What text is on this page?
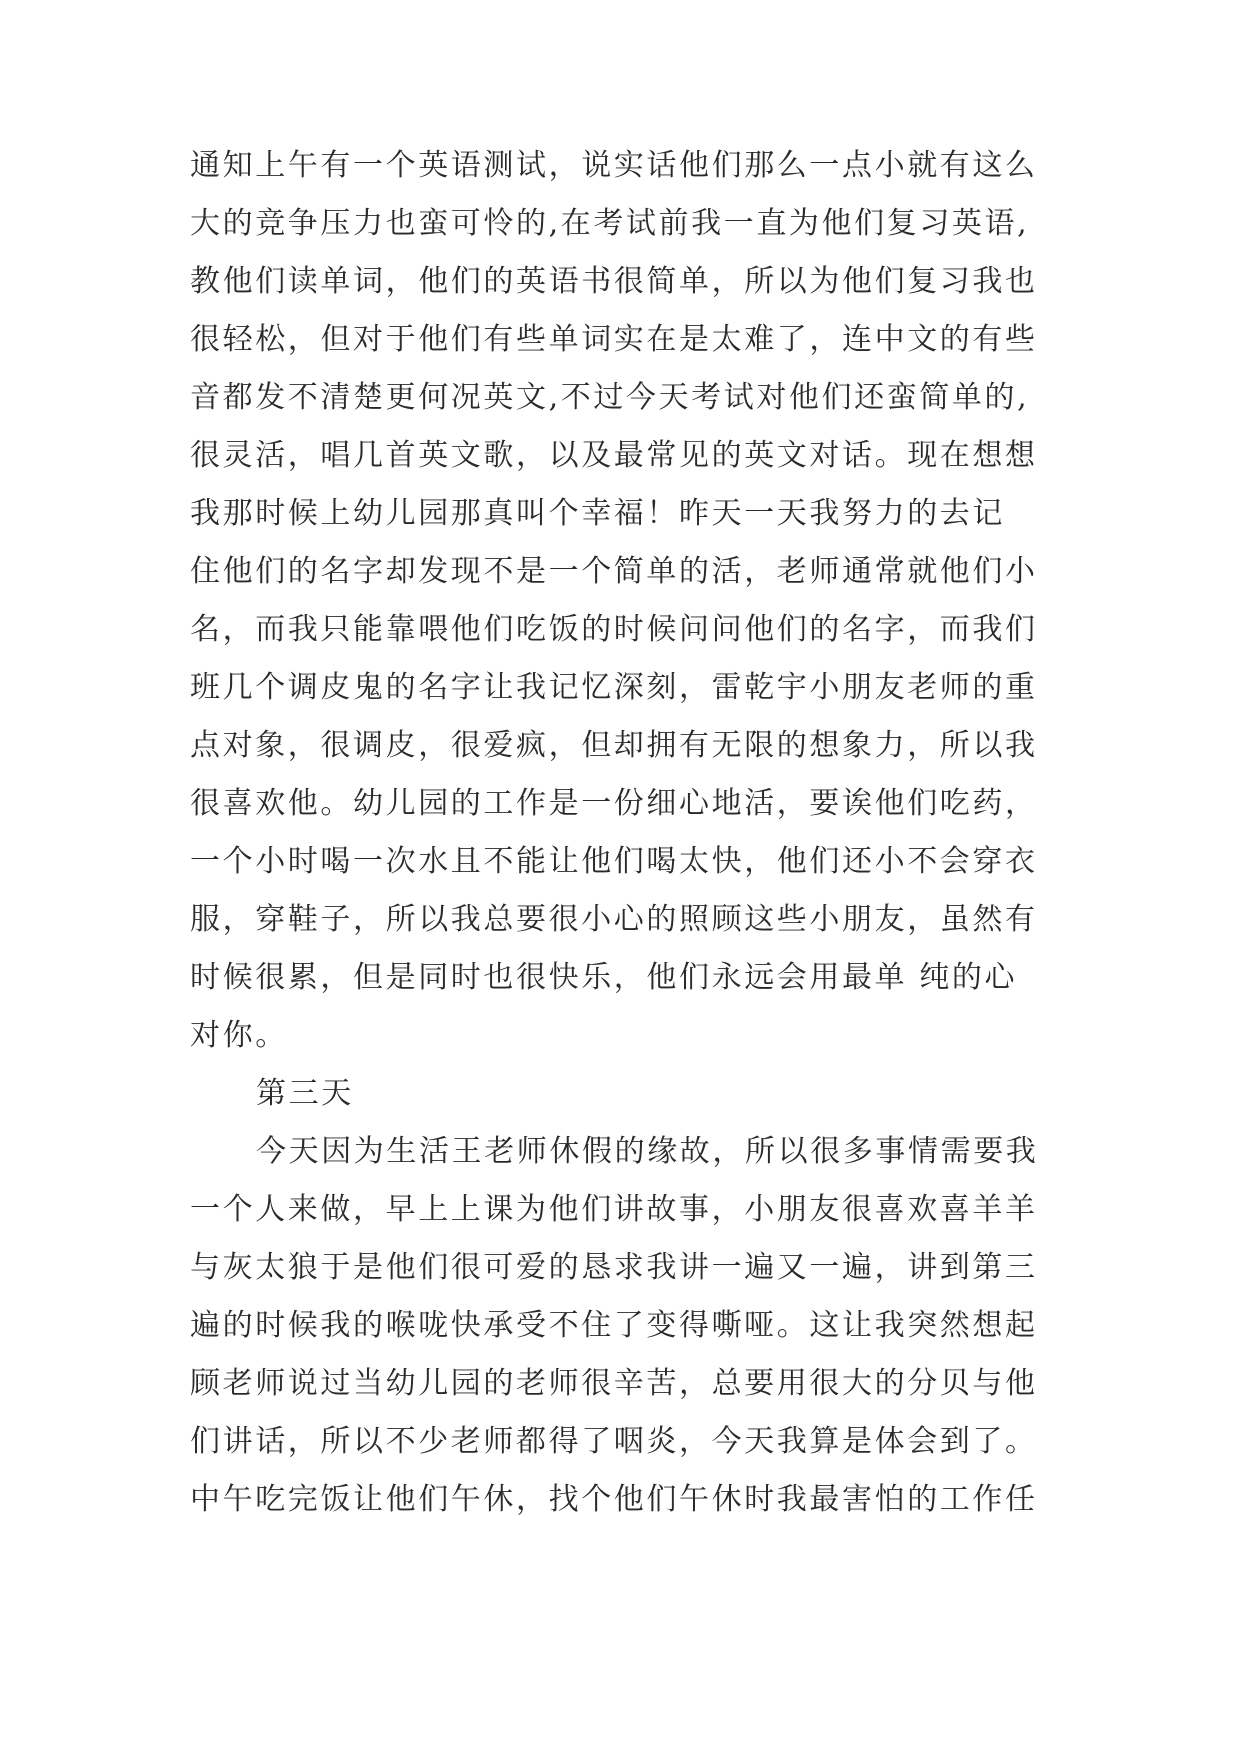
通知上午有一个英语测试，说实话他们那么一点小就有这么
大的竞争压力也蛮可怜的,在考试前我一直为他们复习英语,
教他们读单词，他们的英语书很简单，所以为他们复习我也
很轻松，但对于他们有些单词实在是太难了，连中文的有些
音都发不清楚更何况英文,不过今天考试对他们还蛮简单的,
很灵活，唱几首英文歌，以及最常见的英文对话。现在想想
我那时候上幼儿园那真叫个幸福！昨天一天我努力的去记
住他们的名字却发现不是一个简单的活，老师通常就他们小
名，而我只能靠喂他们吃饭的时候问问他们的名字，而我们
班几个调皮鬼的名字让我记忆深刻，雷乾宇小朋友老师的重
点对象，很调皮，很爱疯，但却拥有无限的想象力，所以我
很喜欢他。幼儿园的工作是一份细心地活，要诶他们吃药，
一个小时喝一次水且不能让他们喝太快，他们还小不会穿衣
服，穿鞋子，所以我总要很小心的照顾这些小朋友，虽然有
时候很累，但是同时也很快乐，他们永远会用最单 纯的心
对你。
第三天
今天因为生活王老师休假的缘故，所以很多事情需要我
一个人来做，早上上课为他们讲故事，小朋友很喜欢喜羊羊
与灰太狼于是他们很可爱的恳求我讲一遍又一遍，讲到第三
遍的时候我的喉咙快承受不住了变得嘶哑。这让我突然想起
顾老师说过当幼儿园的老师很辛苦，总要用很大的分贝与他
们讲话，所以不少老师都得了咽炎，今天我算是体会到了。
中午吃完饭让他们午休，找个他们午休时我最害怕的工作任
